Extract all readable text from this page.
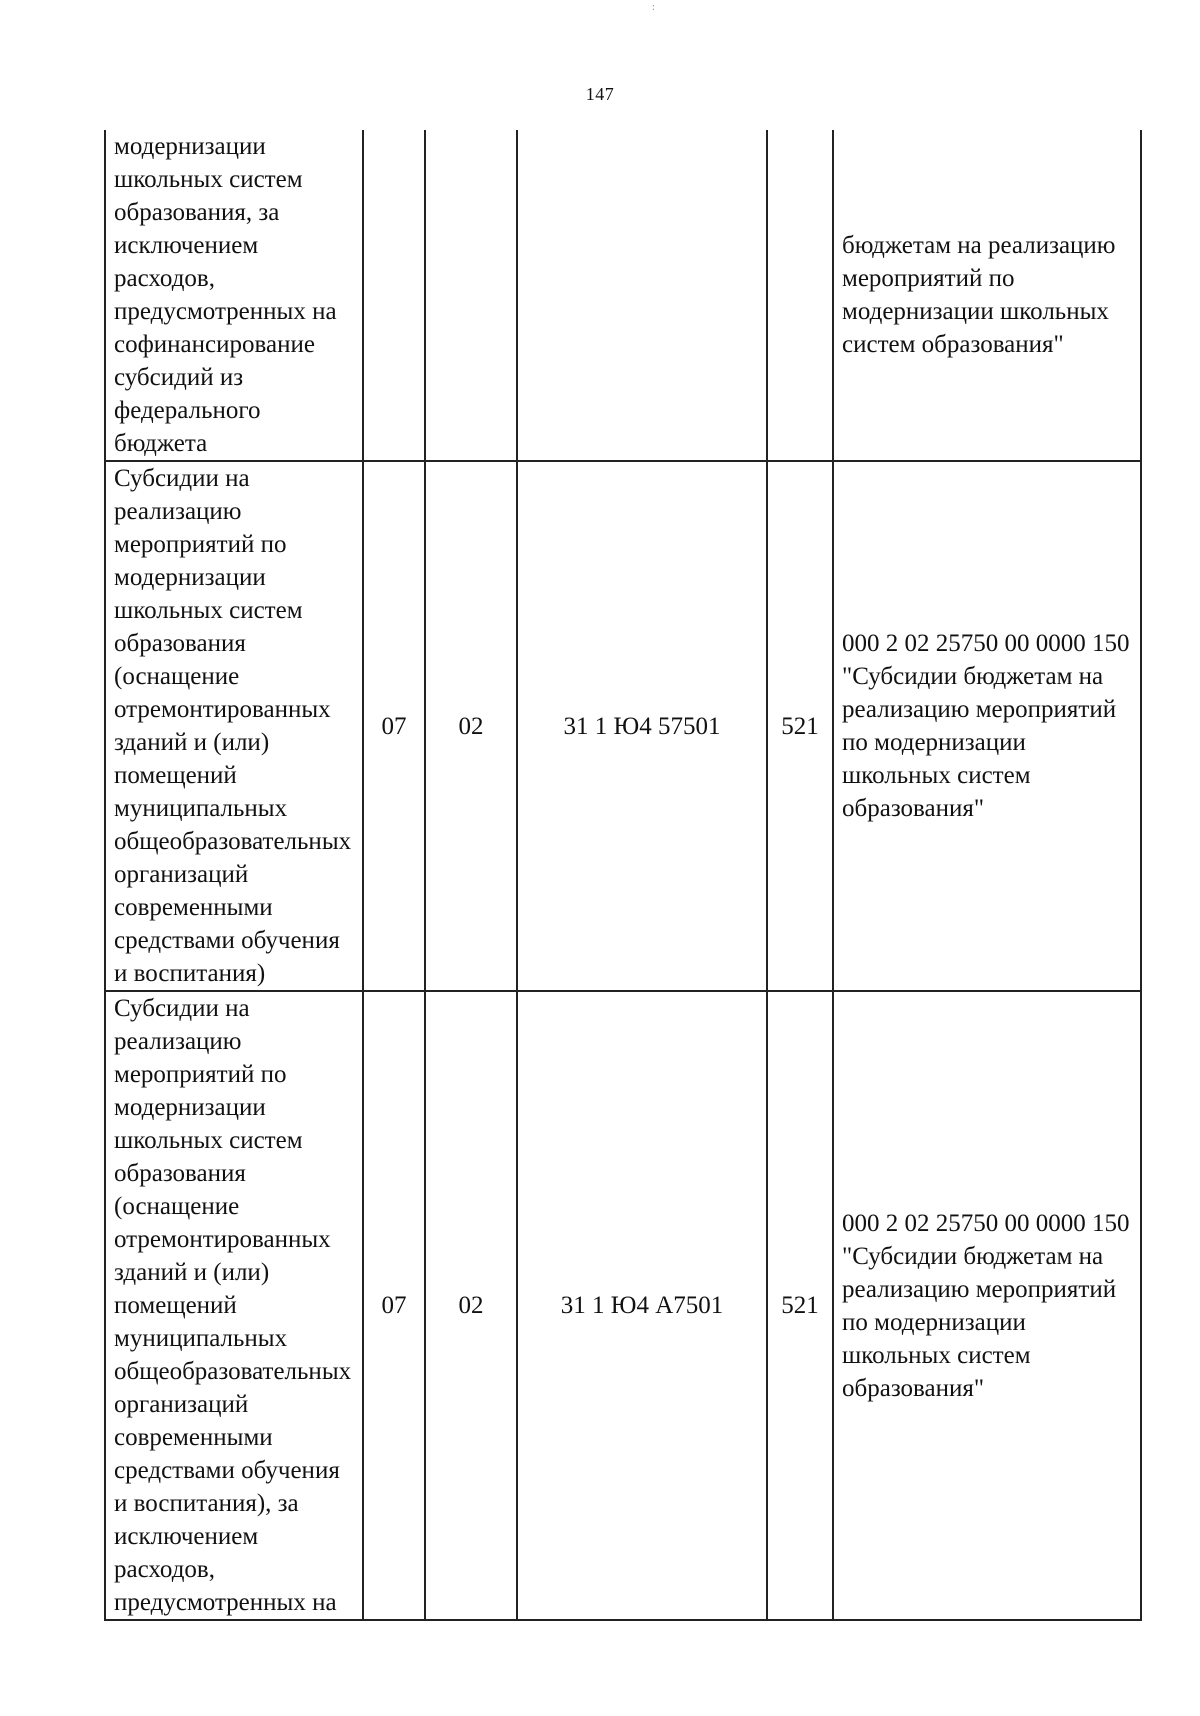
:
147
модернизации школьных систем образования, за исключением расходов, предусмотренных на софинансирование субсидий из федерального бюджета					бюджетам на реализацию мероприятий по модернизации школьных систем образования"
Субсидии на реализацию мероприятий по модернизации школьных систем образования (оснащение отремонтированных зданий и (или) помещений муниципальных общеобразовательных организаций современными средствами обучения и воспитания)	07	02	31 1 Ю4 57501	521	000 2 02 25750 00 0000 150 "Субсидии бюджетам на реализацию мероприятий по модернизации школьных систем образования"
Субсидии на реализацию мероприятий по модернизации школьных систем образования (оснащение отремонтированных зданий и (или) помещений муниципальных общеобразовательных организаций современными средствами обучения и воспитания), за исключением расходов, предусмотренных на	07	02	31 1 Ю4 А7501	521	000 2 02 25750 00 0000 150 "Субсидии бюджетам на реализацию мероприятий по модернизации школьных систем образования"
